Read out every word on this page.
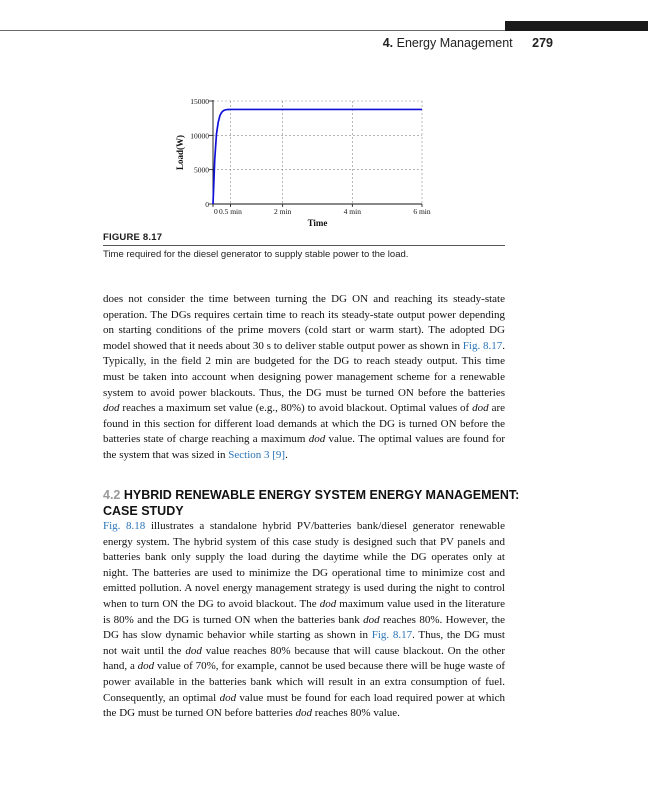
4. Energy Management 279
0
5000
10000
15000
0 0.5 min	2 min	4 min	6 min
Time
Load(W)
FIGURE 8.17
Time required for the diesel generator to supply stable power to the load.

does not consider the time between turning the DG ON and reaching its steady-state operation. The DGs requires certain time to reach its steady-state output power depending on starting conditions of the prime movers (cold start or warm start). The adopted DG model showed that it needs about 30 s to deliver stable output power as shown in Fig. 8.17. Typically, in the field 2 min are budgeted for the DG to reach steady output. This time must be taken into account when designing power management scheme for a renewable system to avoid power blackouts. Thus, the DG must be turned ON before the batteries dod reaches a maximum set value (e.g., 80%) to avoid blackout. Optimal values of dod are found in this section for different load demands at which the DG is turned ON before the batteries state of charge reaching a maximum dod value. The optimal values are found for the system that was sized in Section 3 [9].

4.2 HYBRID RENEWABLE ENERGY SYSTEM ENERGY MANAGEMENT: CASE STUDY

Fig. 8.18 illustrates a standalone hybrid PV/batteries bank/diesel generator renewable energy system. The hybrid system of this case study is designed such that PV panels and batteries bank only supply the load during the daytime while the DG operates only at night. The batteries are used to minimize the DG operational time to minimize cost and emitted pollution. A novel energy management strategy is used during the night to control when to turn ON the DG to avoid blackout. The dod maximum value used in the literature is 80% and the DG is turned ON when the batteries bank dod reaches 80%. However, the DG has slow dynamic behavior while starting as shown in Fig. 8.17. Thus, the DG must not wait until the dod value reaches 80% because that will cause blackout. On the other hand, a dod value of 70%, for example, cannot be used because there will be huge waste of power available in the batteries bank which will result in an extra consumption of fuel. Consequently, an optimal dod value must be found for each load required power at which the DG must be turned ON before batteries dod reaches 80% value.
